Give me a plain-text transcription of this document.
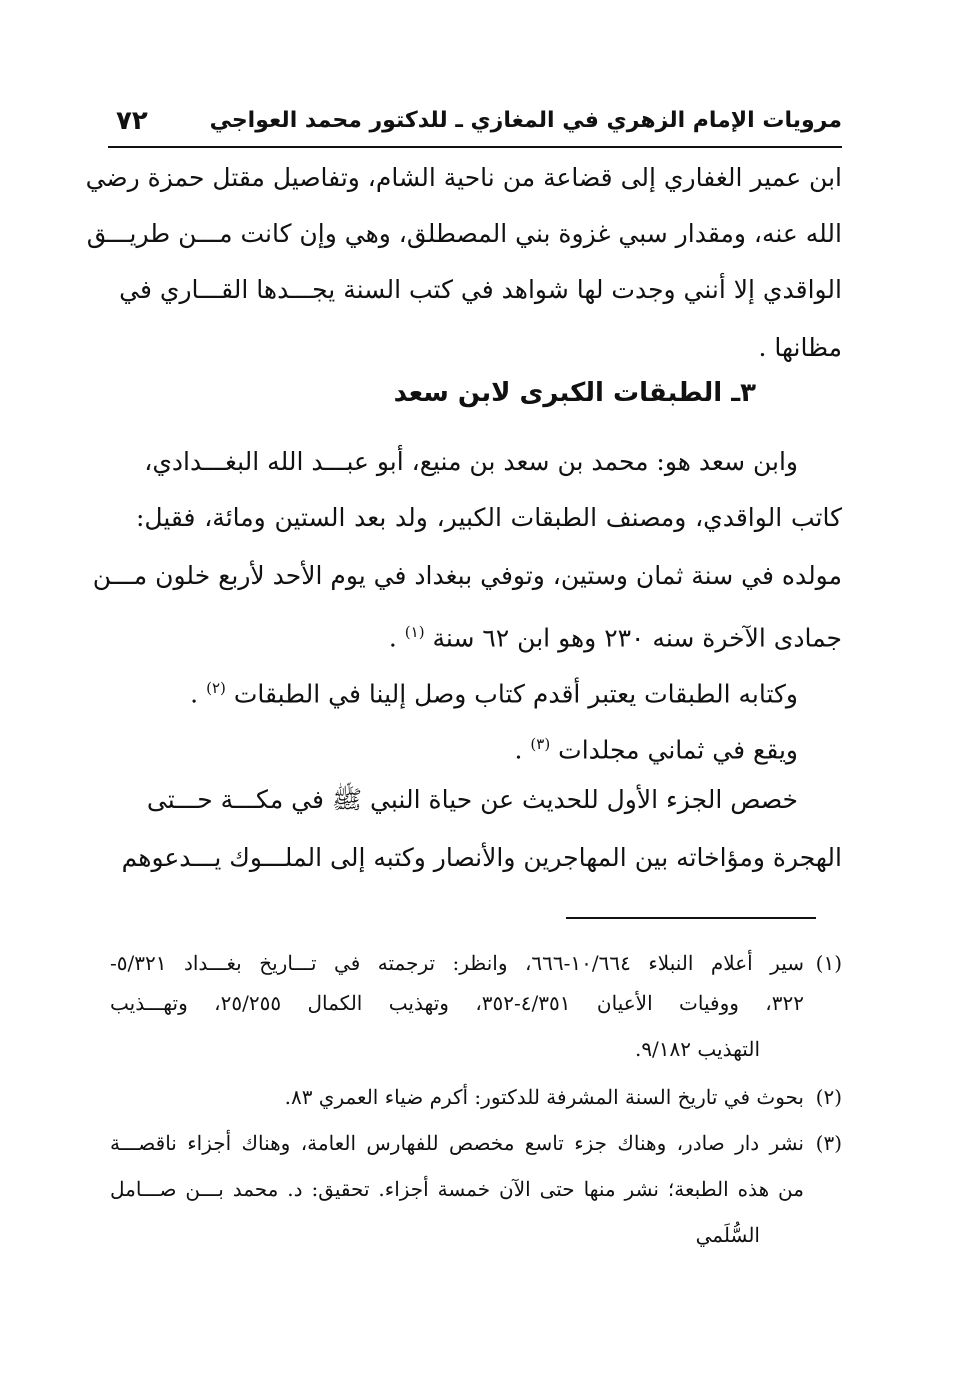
مرويات الإمام الزهري في المغازي ـ للدكتور محمد العواجي
٧٢
ابن عمير الغفاري إلى قضاعة من ناحية الشام، وتفاصيل مقتل حمزة رضي
الله عنه، ومقدار سبي غزوة بني المصطلق، وهي وإن كانت مـــن طريـــق
الواقدي إلا أنني وجدت لها شواهد في كتب السنة يجـــدها القـــاري في
مظانها .
٣ـ الطبقات الكبرى لابن سعد
وابن سعد هو: محمد بن سعد بن منيع، أبو عبـــد الله البغـــدادي،
كاتب الواقدي، ومصنف الطبقات الكبير، ولد بعد الستين ومائة، فقيل:
مولده في سنة ثمان وستين، وتوفي ببغداد في يوم الأحد لأربع خلون مـــن
جمادى الآخرة سنه ٢٣٠ وهو ابن ٦٢ سنة $^{(١)}$ .
وكتابه الطبقات يعتبر أقدم كتاب وصل إلينا في الطبقات $^{(٢)}$ .
ويقع في ثماني مجلدات $^{(٣)}$ .
خصص الجزء الأول للحديث عن حياة النبي ﷺ في مكـــة حـــتى
الهجرة ومؤاخاته بين المهاجرين والأنصار وكتبه إلى الملـــوك يـــدعوهم
(١)
سير أعلام النبلاء ١٠/٦٦٤-٦٦٦، وانظر: ترجمته في تـــاريخ بغـــداد ٥/٣٢١-
٣٢٢، ووفيات الأعيان ٤/٣٥١-٣٥٢، وتهذيب الكمال ٢٥/٢٥٥، وتهـــذيب
التهذيب ٩/١٨٢.
(٢)
بحوث في تاريخ السنة المشرفة للدكتور: أكرم ضياء العمري ٨٣.
(٣)
نشر دار صادر، وهناك جزء تاسع مخصص للفهارس العامة، وهناك أجزاء ناقصـــة
من هذه الطبعة؛ نشر منها حتى الآن خمسة أجزاء. تحقيق: د. محمد بـــن صـــامل
السُّلَمي
